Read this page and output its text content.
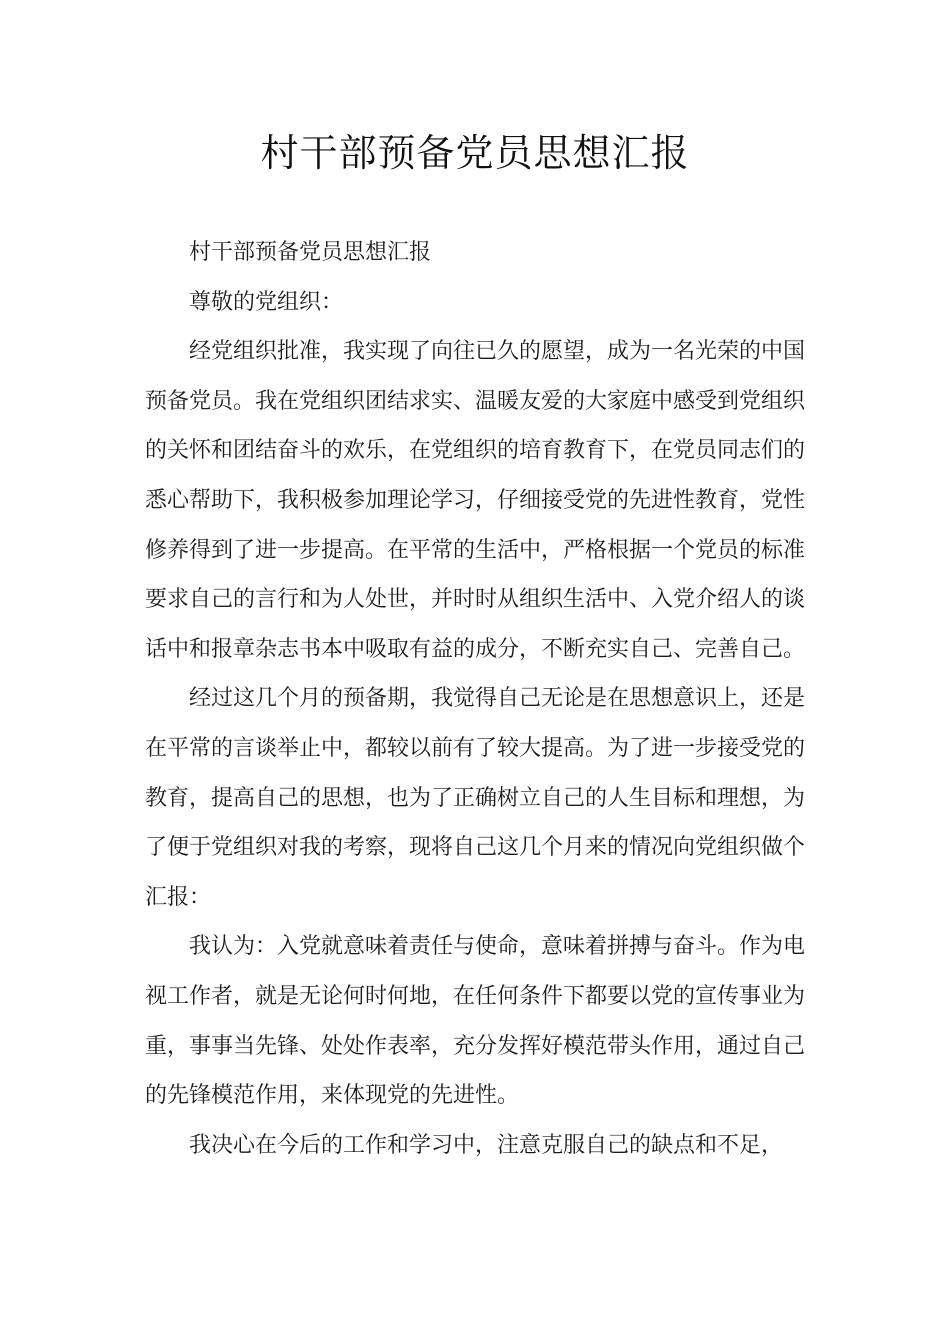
村干部预备党员思想汇报

村干部预备党员思想汇报

尊敬的党组织：

经党组织批准，我实现了向往已久的愿望，成为一名光荣的中国预备党员。我在党组织团结求实、温暖友爱的大家庭中感受到党组织的关怀和团结奋斗的欢乐，在党组织的培育教育下，在党员同志们的悉心帮助下，我积极参加理论学习，仔细接受党的先进性教育，党性修养得到了进一步提高。在平常的生活中，严格根据一个党员的标准要求自己的言行和为人处世，并时时从组织生活中、入党介绍人的谈话中和报章杂志书本中吸取有益的成分，不断充实自己、完善自己。

经过这几个月的预备期，我觉得自己无论是在思想意识上，还是在平常的言谈举止中，都较以前有了较大提高。为了进一步接受党的教育，提高自己的思想，也为了正确树立自己的人生目标和理想，为了便于党组织对我的考察，现将自己这几个月来的情况向党组织做个汇报：

我认为：入党就意味着责任与使命，意味着拼搏与奋斗。作为电视工作者，就是无论何时何地，在任何条件下都要以党的宣传事业为重，事事当先锋、处处作表率，充分发挥好模范带头作用，通过自己的先锋模范作用，来体现党的先进性。

我决心在今后的工作和学习中，注意克服自己的缺点和不足，
